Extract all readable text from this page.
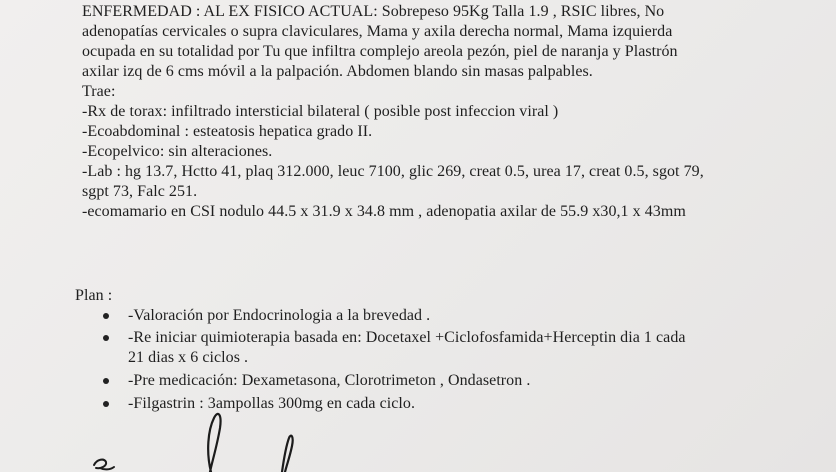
ENFERMEDAD : AL EX FISICO ACTUAL: Sobrepeso 95Kg Talla 1.9 , RSIC libres, No
adenopatías cervicales o supra claviculares, Mama y axila derecha normal, Mama izquierda
ocupada en su totalidad por Tu que infiltra complejo areola pezón, piel de naranja y Plastrón
axilar izq de 6 cms móvil a la palpación. Abdomen blando sin masas palpables.
Trae:
-Rx de torax: infiltrado intersticial bilateral ( posible post infeccion viral )
-Ecoabdominal : esteatosis hepatica grado II.
-Ecopelvico: sin alteraciones.
-Lab : hg 13.7, Hctto 41, plaq 312.000, leuc 7100, glic 269, creat 0.5, urea 17, creat 0.5, sgot 79,
sgpt 73, Falc 251.
-ecomamario en CSI nodulo 44.5 x 31.9 x 34.8 mm , adenopatia axilar de 55.9 x30,1 x 43mm
Plan :
-Valoración por Endocrinologia a la brevedad .
-Re iniciar quimioterapia basada en: Docetaxel +Ciclofosfamida+Herceptin dia 1 cada
21 dias x 6 ciclos .
-Pre medicación: Dexametasona, Clorotrimeton , Ondasetron .
-Filgastrin : 3ampollas 300mg en cada ciclo.
